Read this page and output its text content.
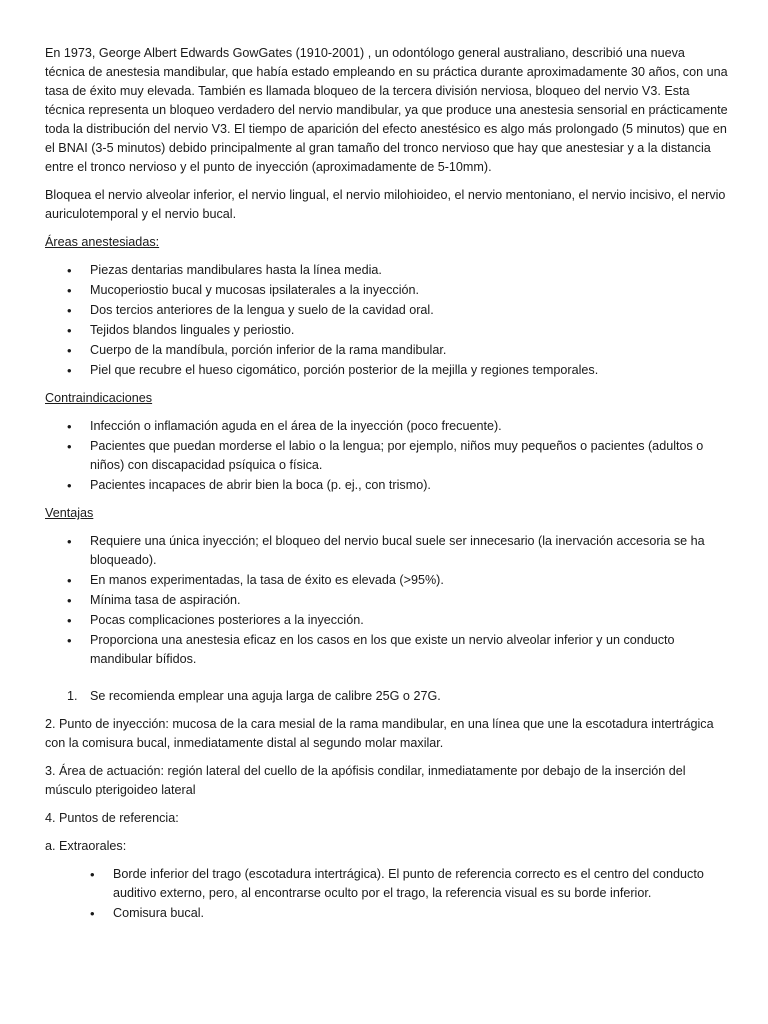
En 1973, George Albert Edwards GowGates (1910-2001) , un odontólogo general australiano, describió una nueva técnica de anestesia mandibular, que había estado empleando en su práctica durante aproximadamente 30 años, con una tasa de éxito muy elevada. También es llamada bloqueo de la tercera división nerviosa, bloqueo del nervio V3. Esta técnica representa un bloqueo verdadero del nervio mandibular, ya que produce una anestesia sensorial en prácticamente toda la distribución del nervio V3. El tiempo de aparición del efecto anestésico es algo más prolongado (5 minutos) que en el BNAI (3-5 minutos) debido principalmente al gran tamaño del tronco nervioso que hay que anestesiar y a la distancia entre el tronco nervioso y el punto de inyección (aproximadamente de 5-10mm).

Bloquea el nervio alveolar inferior, el nervio lingual, el nervio milohioideo, el nervio mentoniano, el nervio incisivo, el nervio auriculotemporal y el nervio bucal.

Áreas anestesiadas:

• Piezas dentarias mandibulares hasta la línea media.
• Mucoperiostio bucal y mucosas ipsilaterales a la inyección.
• Dos tercios anteriores de la lengua y suelo de la cavidad oral.
• Tejidos blandos linguales y periostio.
• Cuerpo de la mandíbula, porción inferior de la rama mandibular.
• Piel que recubre el hueso cigomático, porción posterior de la mejilla y regiones temporales.

Contraindicaciones

• Infección o inflamación aguda en el área de la inyección (poco frecuente).
• Pacientes que puedan morderse el labio o la lengua; por ejemplo, niños muy pequeños o pacientes (adultos o niños) con discapacidad psíquica o física.
• Pacientes incapaces de abrir bien la boca (p. ej., con trismo).

Ventajas

• Requiere una única inyección; el bloqueo del nervio bucal suele ser innecesario (la inervación accesoria se ha bloqueado).
• En manos experimentadas, la tasa de éxito es elevada (>95%).
• Mínima tasa de aspiración.
• Pocas complicaciones posteriores a la inyección.
• Proporciona una anestesia eficaz en los casos en los que existe un nervio alveolar inferior y un conducto mandibular bífidos.
1. Se recomienda emplear una aguja larga de calibre 25G o 27G.

2. Punto de inyección: mucosa de la cara mesial de la rama mandibular, en una línea que une la escotadura intertrágica con la comisura bucal, inmediatamente distal al segundo molar maxilar.

3. Área de actuación: región lateral del cuello de la apófisis condilar, inmediatamente por debajo de la inserción del músculo pterigoideo lateral

4. Puntos de referencia:

a. Extraorales:

• Borde inferior del trago (escotadura intertrágica). El punto de referencia correcto es el centro del conducto auditivo externo, pero, al encontrarse oculto por el trago, la referencia visual es su borde inferior.
• Comisura bucal.
